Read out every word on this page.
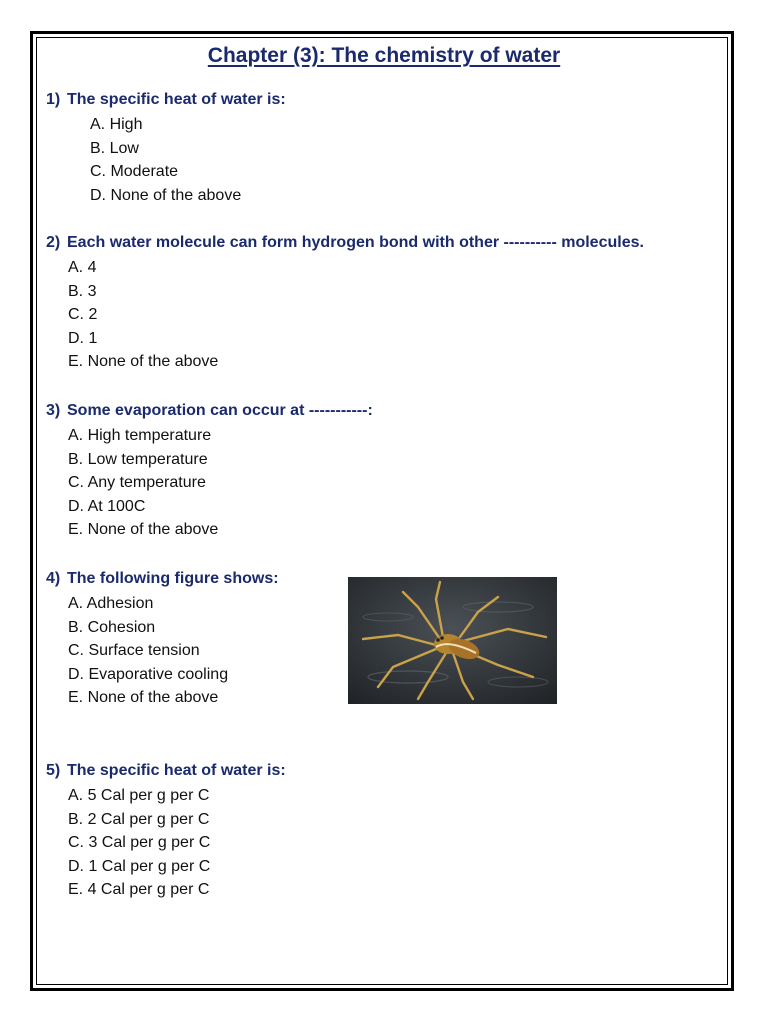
Chapter (3): The chemistry of water
1) The specific heat of water is:
A. High
B. Low
C. Moderate
D. None of the above
2) Each water molecule can form hydrogen bond with other ---------- molecules.
A. 4
B. 3
C. 2
D. 1
E. None of the above
3) Some evaporation can occur at -----------:
A. High temperature
B. Low temperature
C. Any temperature
D. At 100C
E. None of the above
4) The following figure shows:
A. Adhesion
B. Cohesion
C. Surface tension
D. Evaporative cooling
E. None of the above
5) The specific heat of water is:
A. 5 Cal per g per C
B. 2 Cal per g per C
C. 3 Cal per g per C
D. 1 Cal per g per C
E. 4 Cal per g per C
